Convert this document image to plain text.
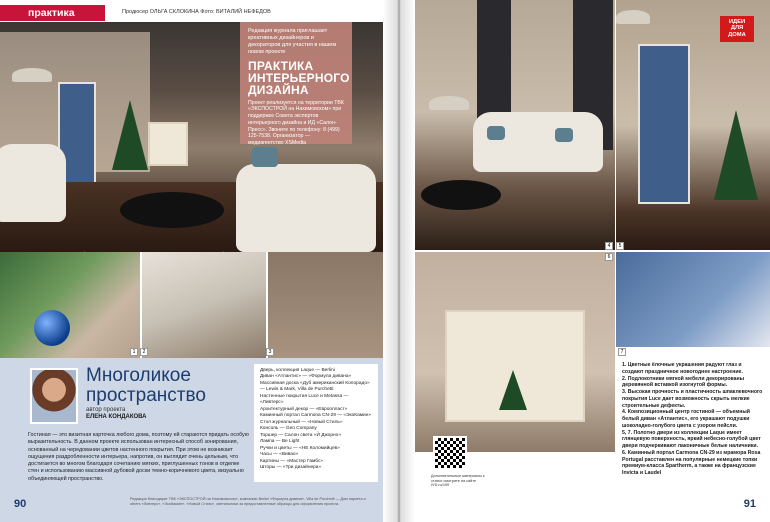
практика	Продюсер ОЛЬГА СКЛОКИНА Фото: ВИТАЛИЙ НЕФЕДОВ
Редакция журнала приглашает креативных дизайнеров и декораторов для участия в нашем новом проекте
ПРАКТИКА ИНТЕРЬЕРНОГО ДИЗАЙНА
Проект реализуется на территории ТВК «ЭКСПОСТРОЙ на Нахимовском» при поддержке Совета экспертов интерьерного дизайна и ИД «Салон-Пресс». Звоните по телефону: 8 (499) 125-7538. Организатор — медиагентство XSMedia
1	2	3
Многоликое
пространство
автор проекта
ЕЛЕНА КОНДАКОВА
Гостиная — это визитная карточка любого дома, поэтому ей стараются придать особую выразительность. В данном проекте использован интересный способ зонирования, основанный на чередовании цветов настенного покрытия. При этом не возникает ощущения раздробленности интерьера, напротив, он выглядит очень цельным, что достигается во многом благодаря сочетанию мягких, приглушенных тонов в отделке стен и использованию массивной дубовой доски темно-коричневого цвета, визуально объединяющей пространство.
Дверь, коллекция Laque — Berlini
Диван «Атлантис» — «Формула дивана»
Массивная доска «Дуб американский Колорадо» — Lewis & Mark, Villa de Purchetti
Настенные покрытия Luce и Metassa — «Ливтерс»
Архитектурный декор — «Евроопласт»
Каминный портал Carmona CN-29 — «ЭкоКамин»
Стол журнальный — «Новый Стиль»
Консоль — Geo Company
Торшер — Салон света «Й Джорно»
Лампа — Be Light
Ручки и цветы — «НЕ Коломийцев»
Часы — «Вивао»
Картины — «Мастер Гамбс»
Шторы — «Три дизайнера»
Редакция благодарит ТВК «ЭКСПОСТРОЙ на Нахимовском», компанию Berlini «Формула дивана», Villa de Purchetti — Дом паркета и others «Ливтерс», «ЭкоКамин», «Новый Стиль», светильники за предоставленные образцы для оформления проекта.
90
ИДЕИ ДЛЯ ДОМА
4	5
6
7
1. Цветные ёлочные украшения радуют глаз и создают праздничное новогоднее настроение.
2. Подлокотники мягкой мебели декорированы деревянной вставкой изогнутой формы.
3. Высокая прочность и пластичность шпаклевочного покрытия Luce дает возможность скрыть мелкие строительные дефекты.
4. Композиционный центр гостиной — объемный белый диван «Атлантис», его украшают подушки шоколадно-голубого цвета с узором пейсли.
5, 7. Полотно двери из коллекции Laque имеет глянцевую поверхность, яркий небесно-голубой цвет двери подчеркивают лаконичные белые наличники.
6. Каминный портал Carmona CN-29 из мрамора Rosa Portugal расставлен на популярные немецкие топки премиум-класса Spartherm, а также на французские Invicta и Laudel
Дополнительные материалы к статье смотрите на сайте IVD.ru/199
91
